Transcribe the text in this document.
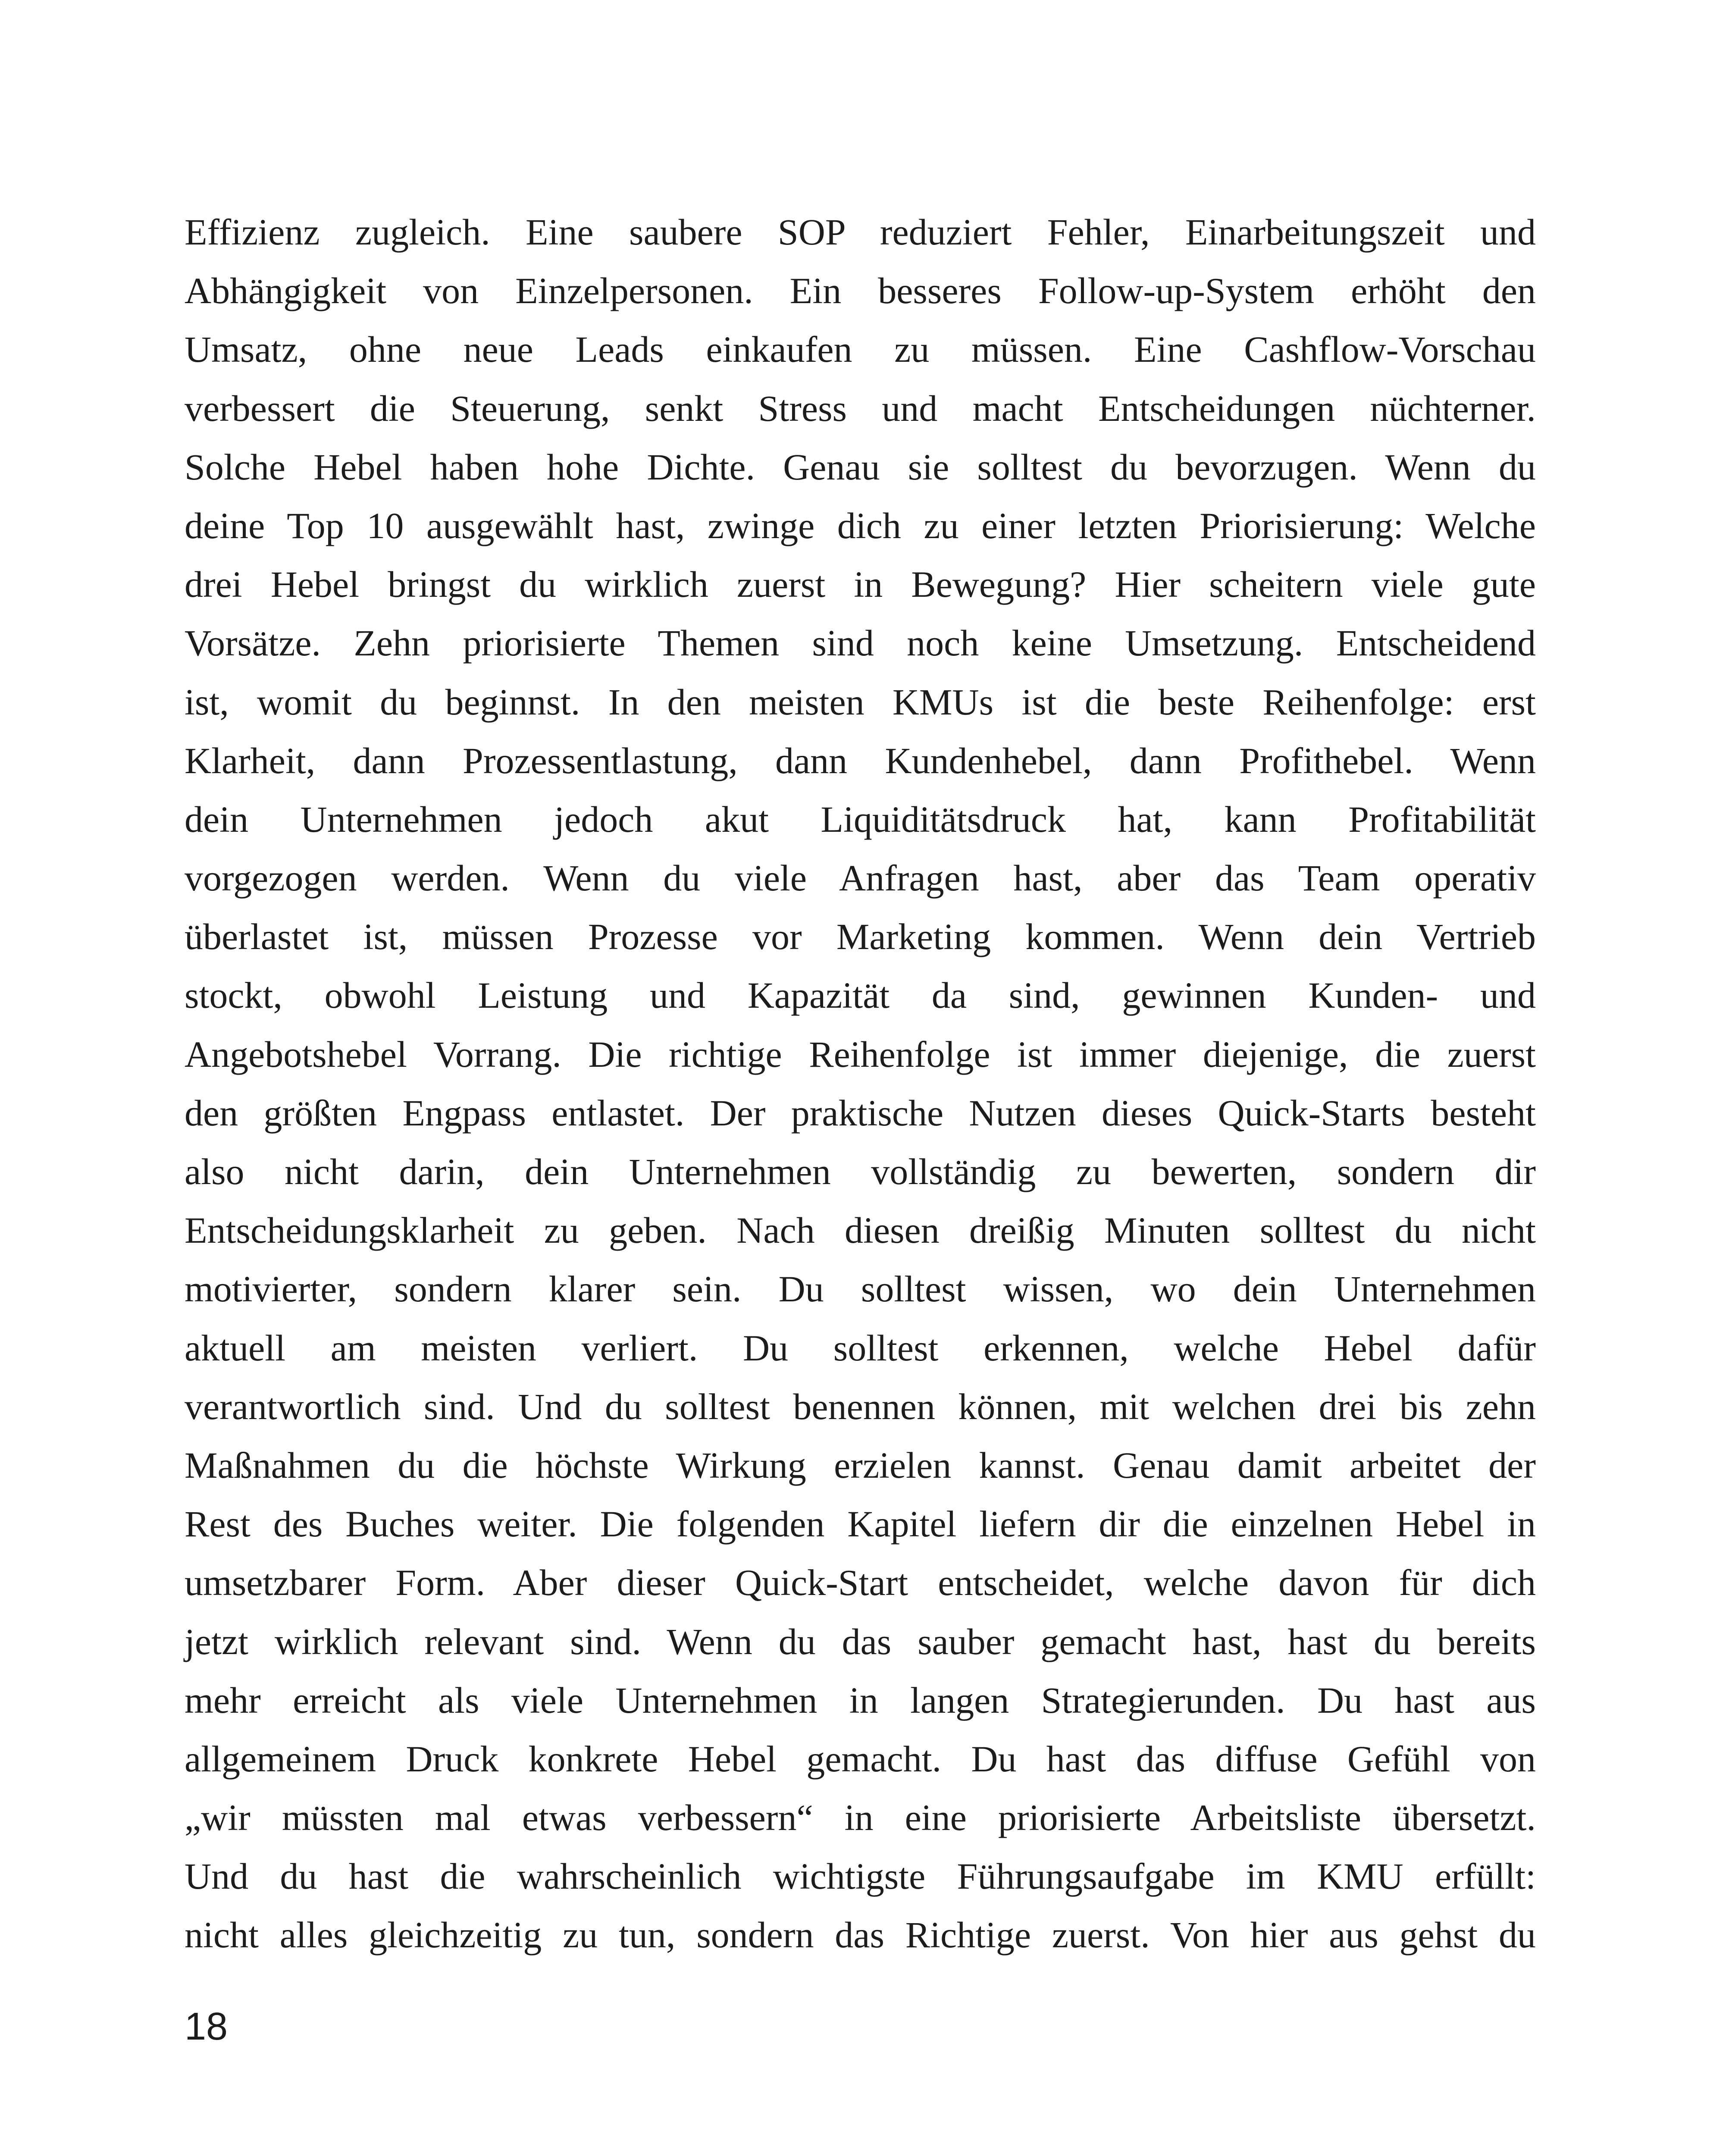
Effizienz zugleich. Eine saubere SOP reduziert Fehler, Einarbeitungszeit und
Abhängigkeit von Einzelpersonen. Ein besseres Follow-up-System erhöht den
Umsatz, ohne neue Leads einkaufen zu müssen. Eine Cashflow-Vorschau
verbessert die Steuerung, senkt Stress und macht Entscheidungen nüchterner.
Solche Hebel haben hohe Dichte. Genau sie solltest du bevorzugen. Wenn du
deine Top 10 ausgewählt hast, zwinge dich zu einer letzten Priorisierung: Welche
drei Hebel bringst du wirklich zuerst in Bewegung? Hier scheitern viele gute
Vorsätze. Zehn priorisierte Themen sind noch keine Umsetzung. Entscheidend
ist, womit du beginnst. In den meisten KMUs ist die beste Reihenfolge: erst
Klarheit, dann Prozessentlastung, dann Kundenhebel, dann Profithebel. Wenn
dein Unternehmen jedoch akut Liquiditätsdruck hat, kann Profitabilität
vorgezogen werden. Wenn du viele Anfragen hast, aber das Team operativ
überlastet ist, müssen Prozesse vor Marketing kommen. Wenn dein Vertrieb
stockt, obwohl Leistung und Kapazität da sind, gewinnen Kunden- und
Angebotshebel Vorrang. Die richtige Reihenfolge ist immer diejenige, die zuerst
den größten Engpass entlastet. Der praktische Nutzen dieses Quick-Starts besteht
also nicht darin, dein Unternehmen vollständig zu bewerten, sondern dir
Entscheidungsklarheit zu geben. Nach diesen dreißig Minuten solltest du nicht
motivierter, sondern klarer sein. Du solltest wissen, wo dein Unternehmen
aktuell am meisten verliert. Du solltest erkennen, welche Hebel dafür
verantwortlich sind. Und du solltest benennen können, mit welchen drei bis zehn
Maßnahmen du die höchste Wirkung erzielen kannst. Genau damit arbeitet der
Rest des Buches weiter. Die folgenden Kapitel liefern dir die einzelnen Hebel in
umsetzbarer Form. Aber dieser Quick-Start entscheidet, welche davon für dich
jetzt wirklich relevant sind. Wenn du das sauber gemacht hast, hast du bereits
mehr erreicht als viele Unternehmen in langen Strategierunden. Du hast aus
allgemeinem Druck konkrete Hebel gemacht. Du hast das diffuse Gefühl von
„wir müssten mal etwas verbessern“ in eine priorisierte Arbeitsliste übersetzt.
Und du hast die wahrscheinlich wichtigste Führungsaufgabe im KMU erfüllt:
nicht alles gleichzeitig zu tun, sondern das Richtige zuerst. Von hier aus gehst du
18
